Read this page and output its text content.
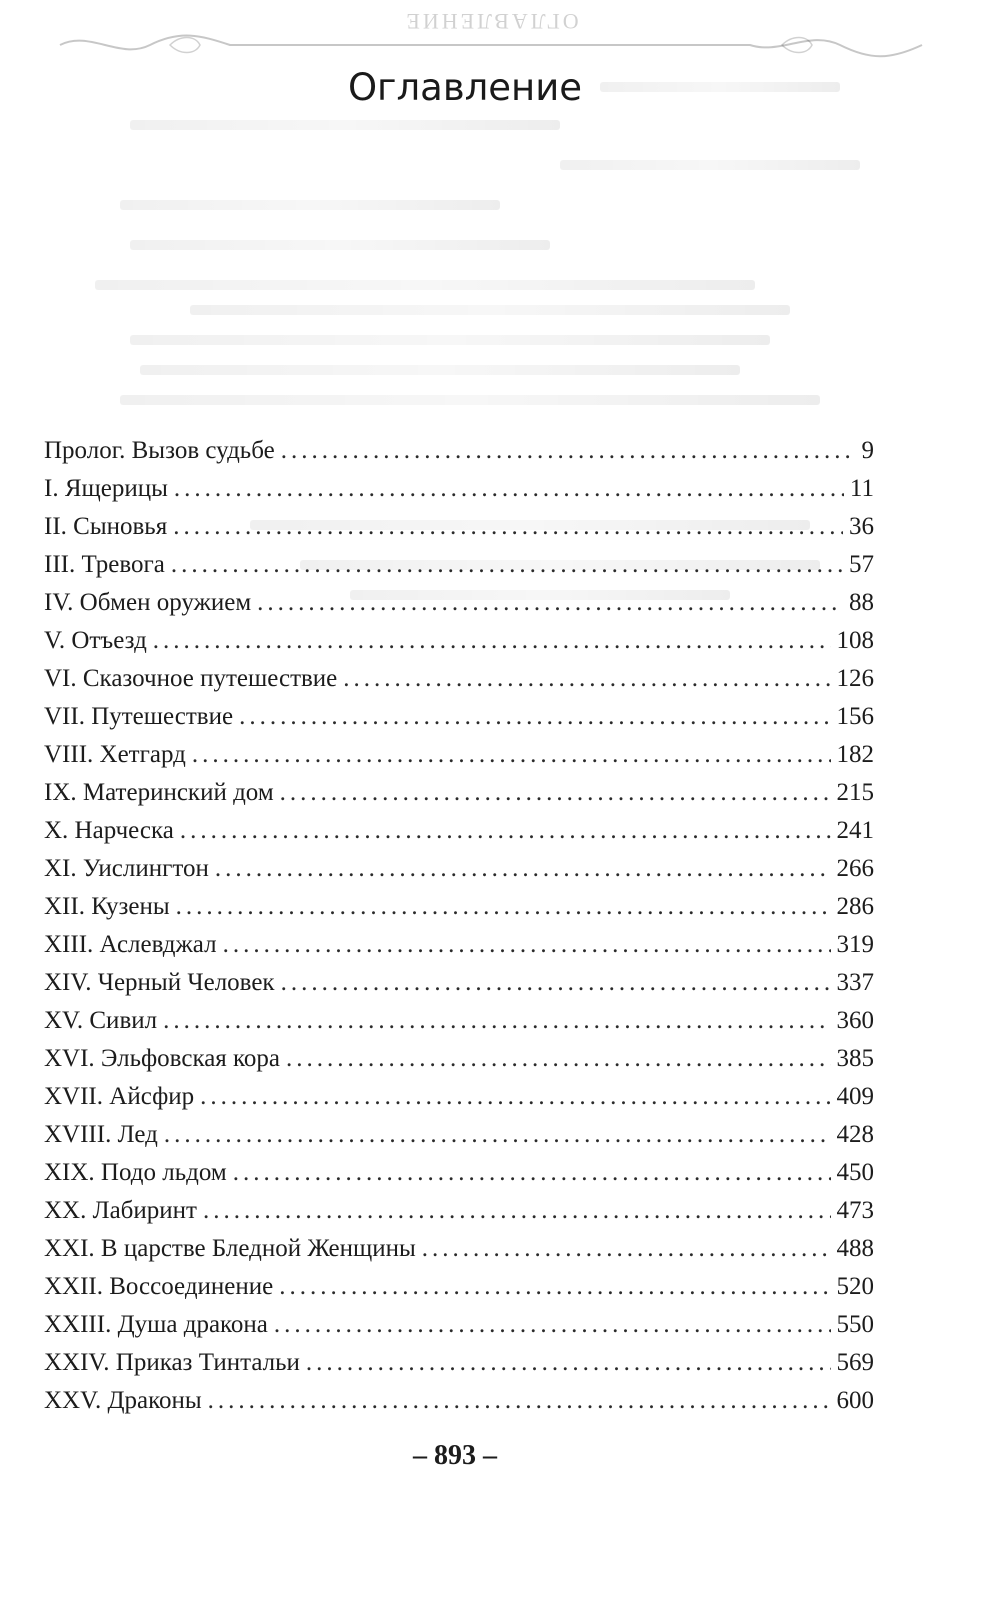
ОГЛАВЛЕНИЕ
Оглавление
Пролог. Вызов судьбе .....	9
I. Ящерицы .....	11
II. Сыновья .....	36
III. Тревога .....	57
IV. Обмен оружием .....	88
V. Отъезд .....	108
VI. Сказочное путешествие .....	126
VII. Путешествие .....	156
VIII. Хетгард .....	182
IX. Материнский дом .....	215
X. Нарческа .....	241
XI. Уислингтон .....	266
XII. Кузены .....	286
XIII. Аслевджал .....	319
XIV. Черный Человек .....	337
XV. Сивил .....	360
XVI. Эльфовская кора .....	385
XVII. Айсфир .....	409
XVIII. Лед .....	428
XIX. Подо льдом .....	450
XX. Лабиринт .....	473
XXI. В царстве Бледной Женщины .....	488
XXII. Воссоединение .....	520
XXIII. Душа дракона .....	550
XXIV. Приказ Тинтальи .....	569
XXV. Драконы .....	600
– 893 –
